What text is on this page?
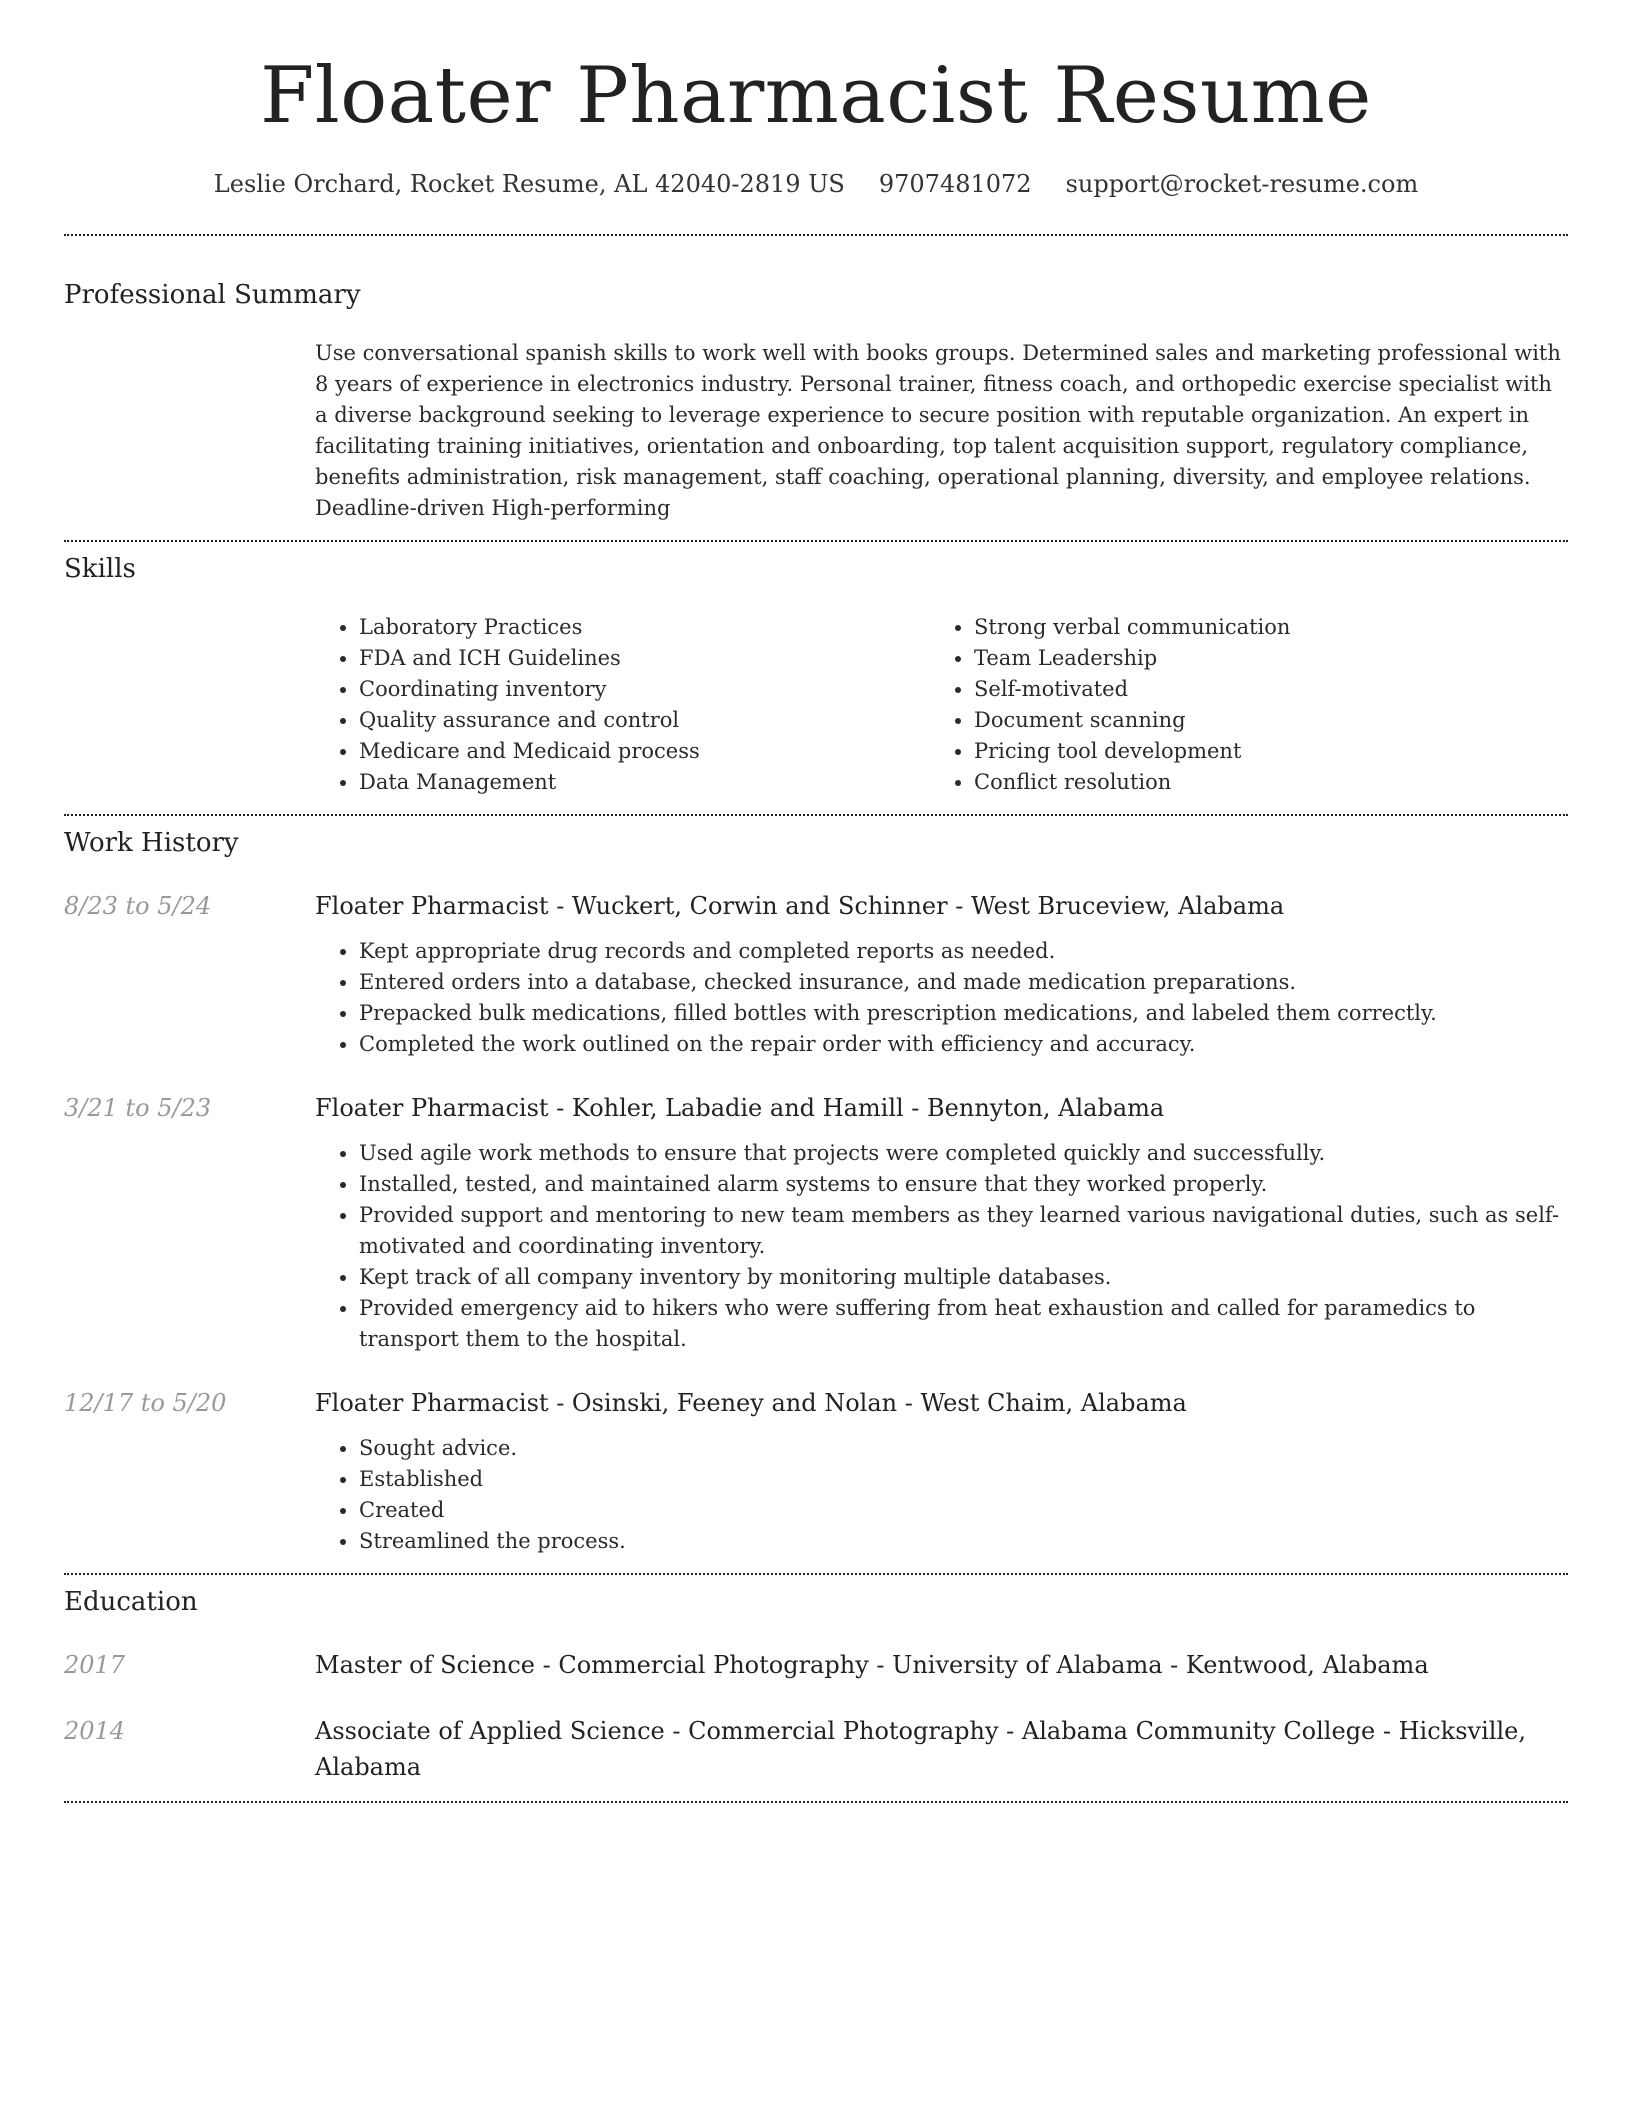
Floater Pharmacist Resume
Leslie Orchard, Rocket Resume, AL 42040-2819 US 9707481072 support@rocket-resume.com
Professional Summary

Use conversational spanish skills to work well with books groups. Determined sales and marketing professional with 8 years of experience in electronics industry. Personal trainer, fitness coach, and orthopedic exercise specialist with a diverse background seeking to leverage experience to secure position with reputable organization. An expert in facilitating training initiatives, orientation and onboarding, top talent acquisition support, regulatory compliance, benefits administration, risk management, staff coaching, operational planning, diversity, and employee relations. Deadline-driven High-performing

Skills
• Laboratory Practices
• FDA and ICH Guidelines
• Coordinating inventory
• Quality assurance and control
• Medicare and Medicaid process
• Data Management
• Strong verbal communication
• Team Leadership
• Self-motivated
• Document scanning
• Pricing tool development
• Conflict resolution
Work History
8/23 to 5/24	Floater Pharmacist - Wuckert, Corwin and Schinner - West Bruceview, Alabama
• Kept appropriate drug records and completed reports as needed.
• Entered orders into a database, checked insurance, and made medication preparations.
• Prepacked bulk medications, filled bottles with prescription medications, and labeled them correctly.
• Completed the work outlined on the repair order with efficiency and accuracy.
3/21 to 5/23	Floater Pharmacist - Kohler, Labadie and Hamill - Bennyton, Alabama
• Used agile work methods to ensure that projects were completed quickly and successfully.
• Installed, tested, and maintained alarm systems to ensure that they worked properly.
• Provided support and mentoring to new team members as they learned various navigational duties, such as self-motivated and coordinating inventory.
• Kept track of all company inventory by monitoring multiple databases.
• Provided emergency aid to hikers who were suffering from heat exhaustion and called for paramedics to transport them to the hospital.
12/17 to 5/20	Floater Pharmacist - Osinski, Feeney and Nolan - West Chaim, Alabama
• Sought advice.
• Established
• Created
• Streamlined the process.
Education
2017	Master of Science - Commercial Photography - University of Alabama - Kentwood, Alabama
2014	Associate of Applied Science - Commercial Photography - Alabama Community College - Hicksville, Alabama
